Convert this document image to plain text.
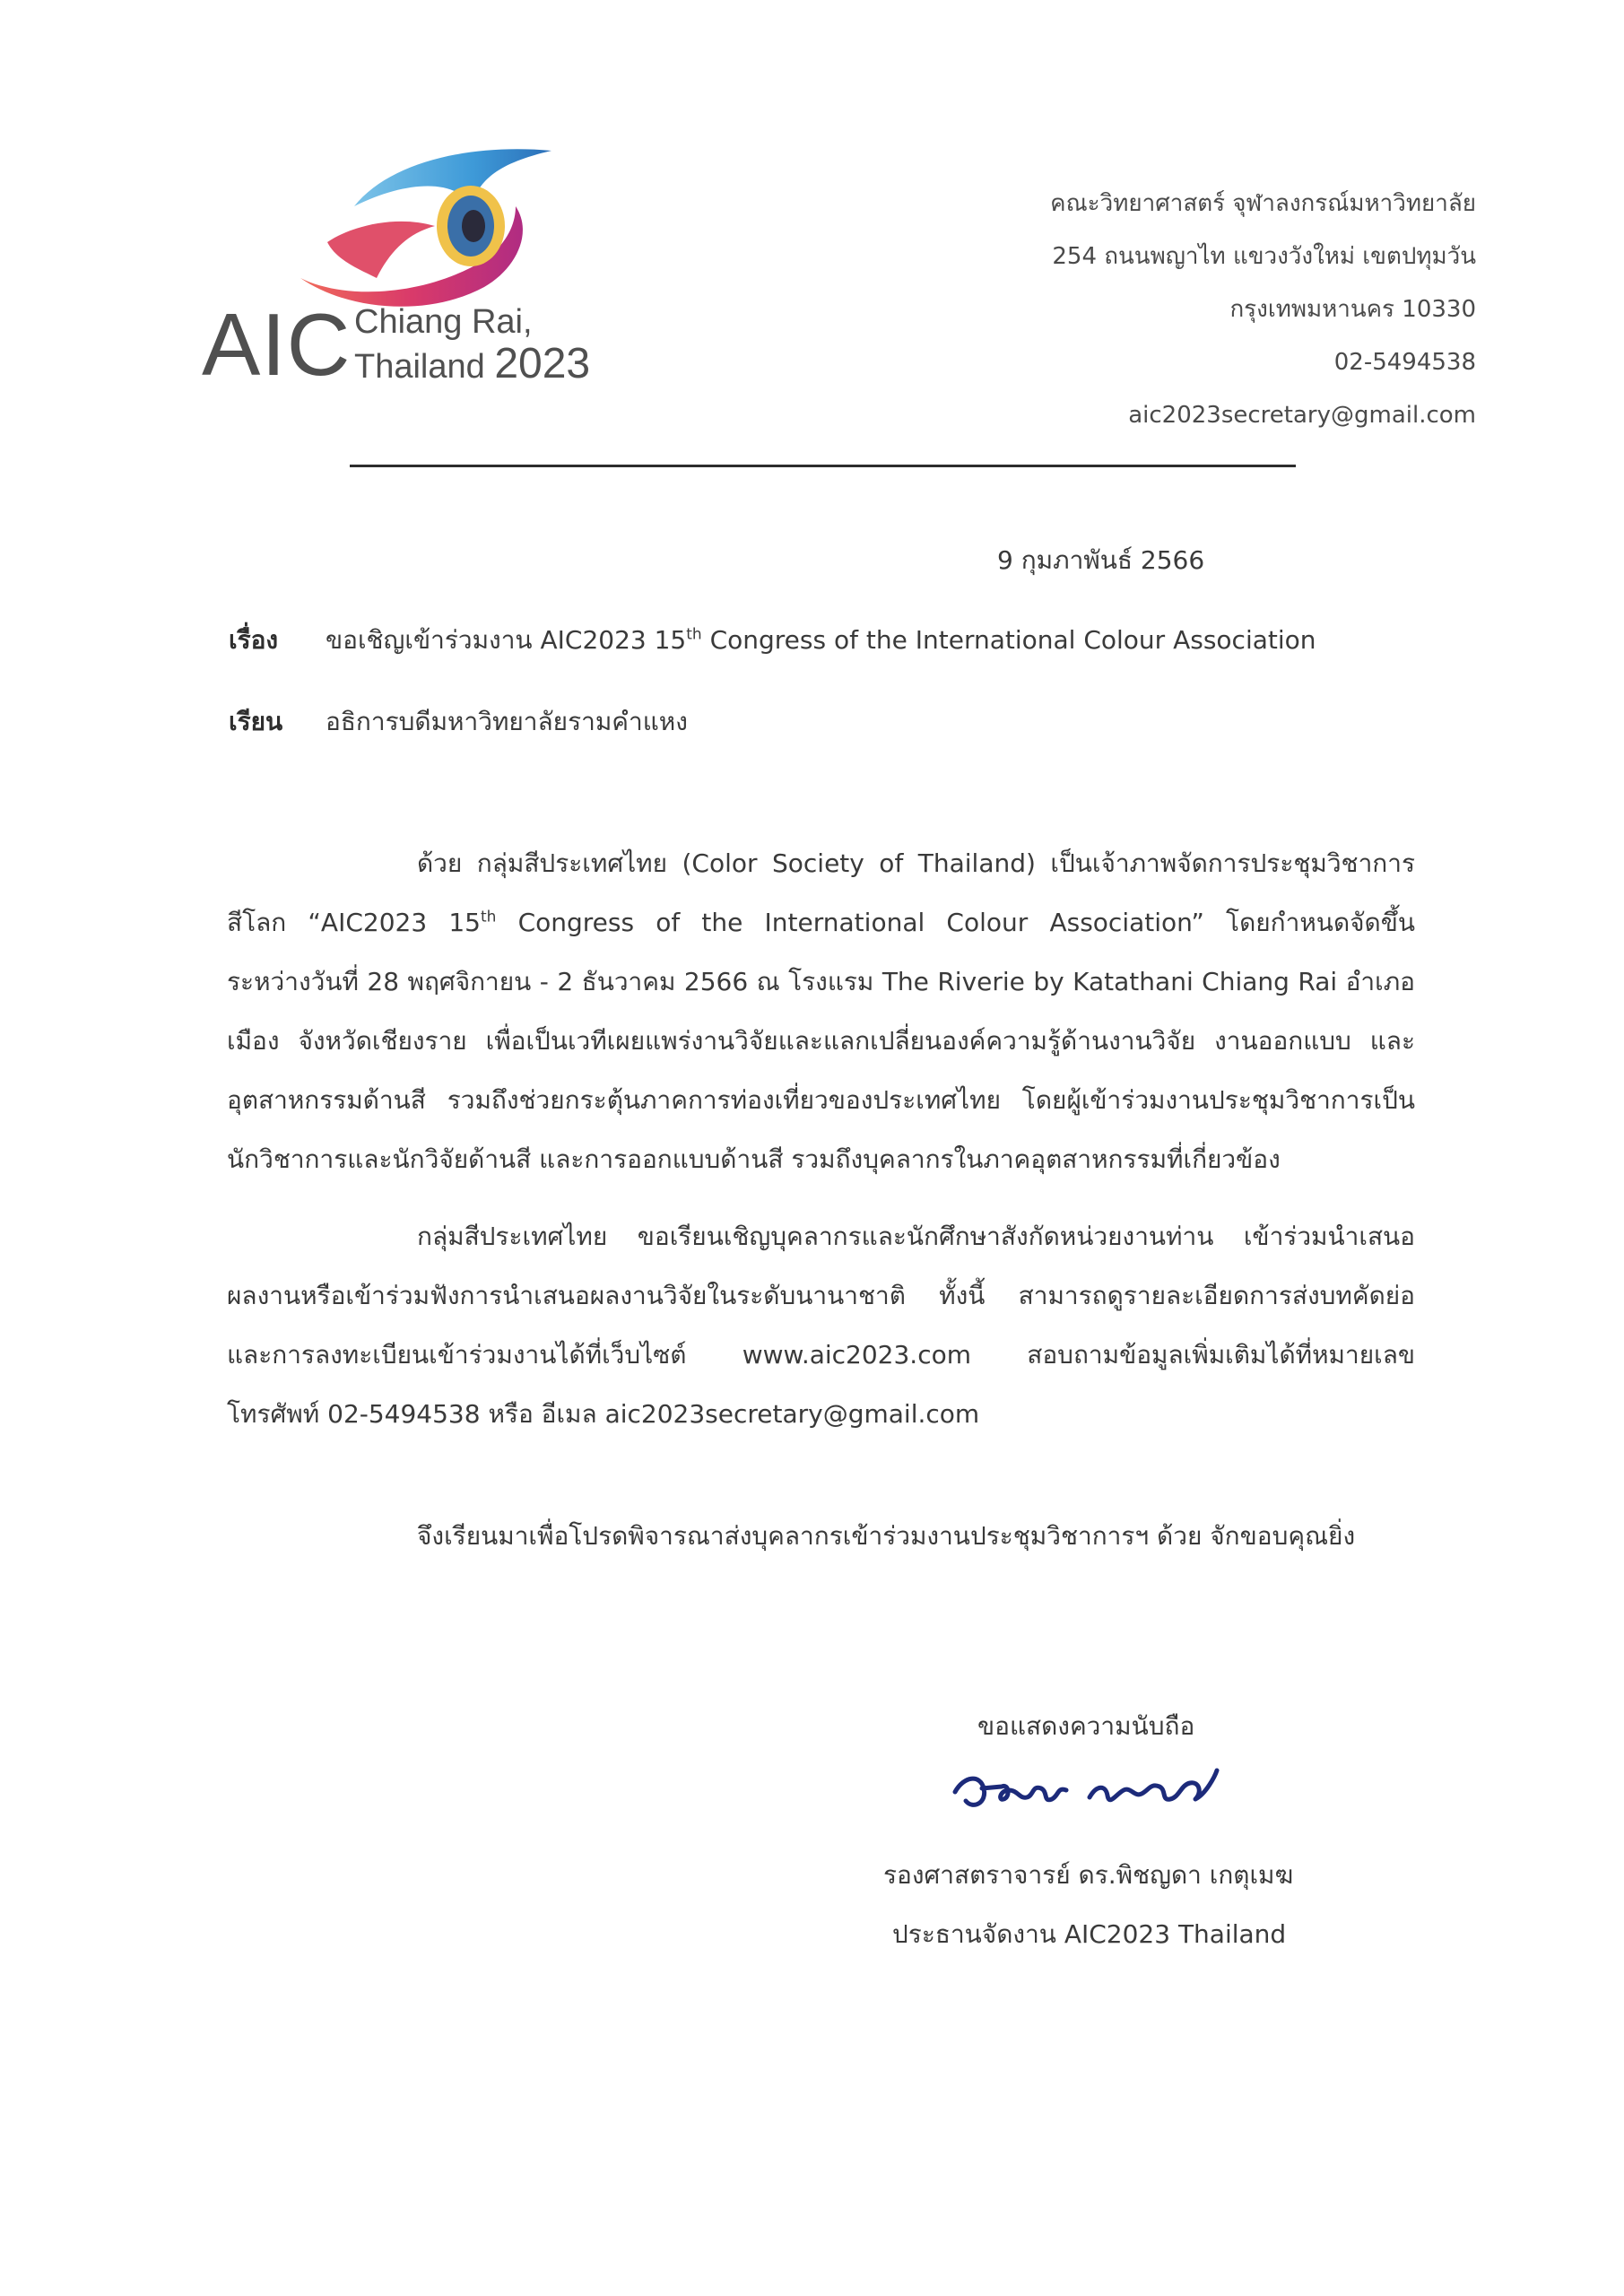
AIC Chiang Rai,
Thailand 2023
คณะวิทยาศาสตร์ จุฬาลงกรณ์มหาวิทยาลัย
254 ถนนพญาไท แขวงวังใหม่ เขตปทุมวัน
กรุงเทพมหานคร 10330
02-5494538
aic2023secretary@gmail.com
9 กุมภาพันธ์ 2566
เรื่อง ขอเชิญเข้าร่วมงาน AIC2023 15th Congress of the International Colour Association
เรียน อธิการบดีมหาวิทยาลัยรามคำแหง
ด้วย กลุ่มสีประเทศไทย (Color Society of Thailand) เป็นเจ้าภาพจัดการประชุมวิชาการ
สีโลก “AIC2023 15th Congress of the International Colour Association” โดยกำหนดจัดขึ้น
ระหว่างวันที่ 28 พฤศจิกายน - 2 ธันวาคม 2566 ณ โรงแรม The Riverie by Katathani Chiang Rai อำเภอ
เมือง จังหวัดเชียงราย เพื่อเป็นเวทีเผยแพร่งานวิจัยและแลกเปลี่ยนองค์ความรู้ด้านงานวิจัย งานออกแบบ และ
อุตสาหกรรมด้านสี รวมถึงช่วยกระตุ้นภาคการท่องเที่ยวของประเทศไทย โดยผู้เข้าร่วมงานประชุมวิชาการเป็น
นักวิชาการและนักวิจัยด้านสี และการออกแบบด้านสี รวมถึงบุคลากรในภาคอุตสาหกรรมที่เกี่ยวข้อง
กลุ่มสีประเทศไทย ขอเรียนเชิญบุคลากรและนักศึกษาสังกัดหน่วยงานท่าน เข้าร่วมนำเสนอ
ผลงานหรือเข้าร่วมฟังการนำเสนอผลงานวิจัยในระดับนานาชาติ ทั้งนี้ สามารถดูรายละเอียดการส่งบทคัดย่อ
และการลงทะเบียนเข้าร่วมงานได้ที่เว็บไซต์ www.aic2023.com สอบถามข้อมูลเพิ่มเติมได้ที่หมายเลข
โทรศัพท์ 02-5494538 หรือ อีเมล aic2023secretary@gmail.com
จึงเรียนมาเพื่อโปรดพิจารณาส่งบุคลากรเข้าร่วมงานประชุมวิชาการฯ ด้วย จักขอบคุณยิ่ง
ขอแสดงความนับถือ
รองศาสตราจารย์ ดร.พิชญดา เกตุเมฆ
ประธานจัดงาน AIC2023 Thailand
